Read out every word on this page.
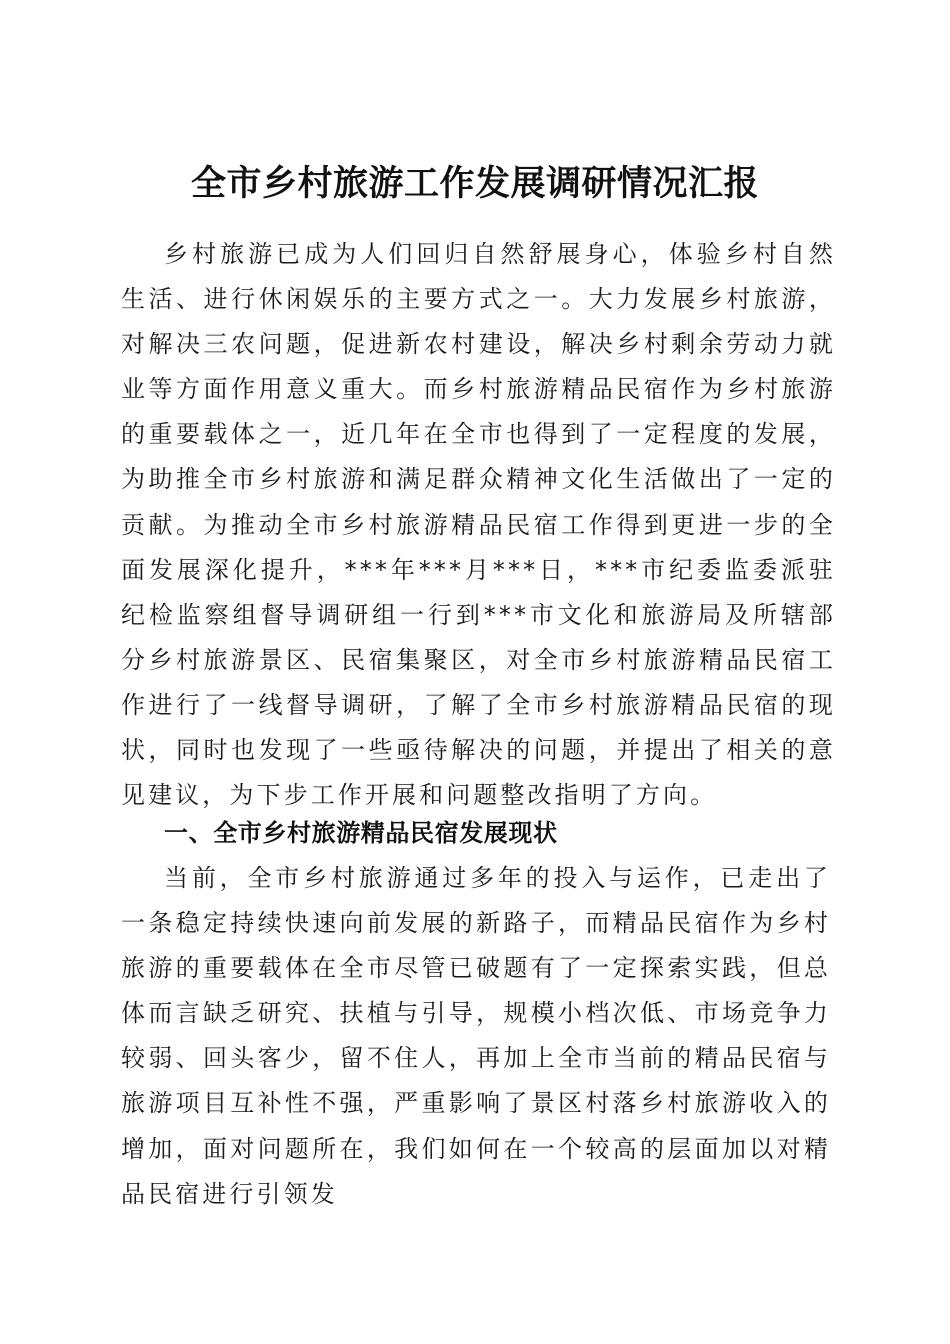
全市乡村旅游工作发展调研情况汇报

乡村旅游已成为人们回归自然舒展身心，体验乡村自然生活、进行休闲娱乐的主要方式之一。大力发展乡村旅游，对解决三农问题，促进新农村建设，解决乡村剩余劳动力就业等方面作用意义重大。而乡村旅游精品民宿作为乡村旅游的重要载体之一，近几年在全市也得到了一定程度的发展，为助推全市乡村旅游和满足群众精神文化生活做出了一定的贡献。为推动全市乡村旅游精品民宿工作得到更进一步的全面发展深化提升，***年***月***日，***市纪委监委派驻纪检监察组督导调研组一行到***市文化和旅游局及所辖部分乡村旅游景区、民宿集聚区，对全市乡村旅游精品民宿工作进行了一线督导调研，了解了全市乡村旅游精品民宿的现状，同时也发现了一些亟待解决的问题，并提出了相关的意见建议，为下步工作开展和问题整改指明了方向。

一、全市乡村旅游精品民宿发展现状

当前，全市乡村旅游通过多年的投入与运作，已走出了一条稳定持续快速向前发展的新路子，而精品民宿作为乡村旅游的重要载体在全市尽管已破题有了一定探索实践，但总体而言缺乏研究、扶植与引导，规模小档次低、市场竞争力较弱、回头客少，留不住人，再加上全市当前的精品民宿与旅游项目互补性不强，严重影响了景区村落乡村旅游收入的增加，面对问题所在，我们如何在一个较高的层面加以对精品民宿进行引领发
